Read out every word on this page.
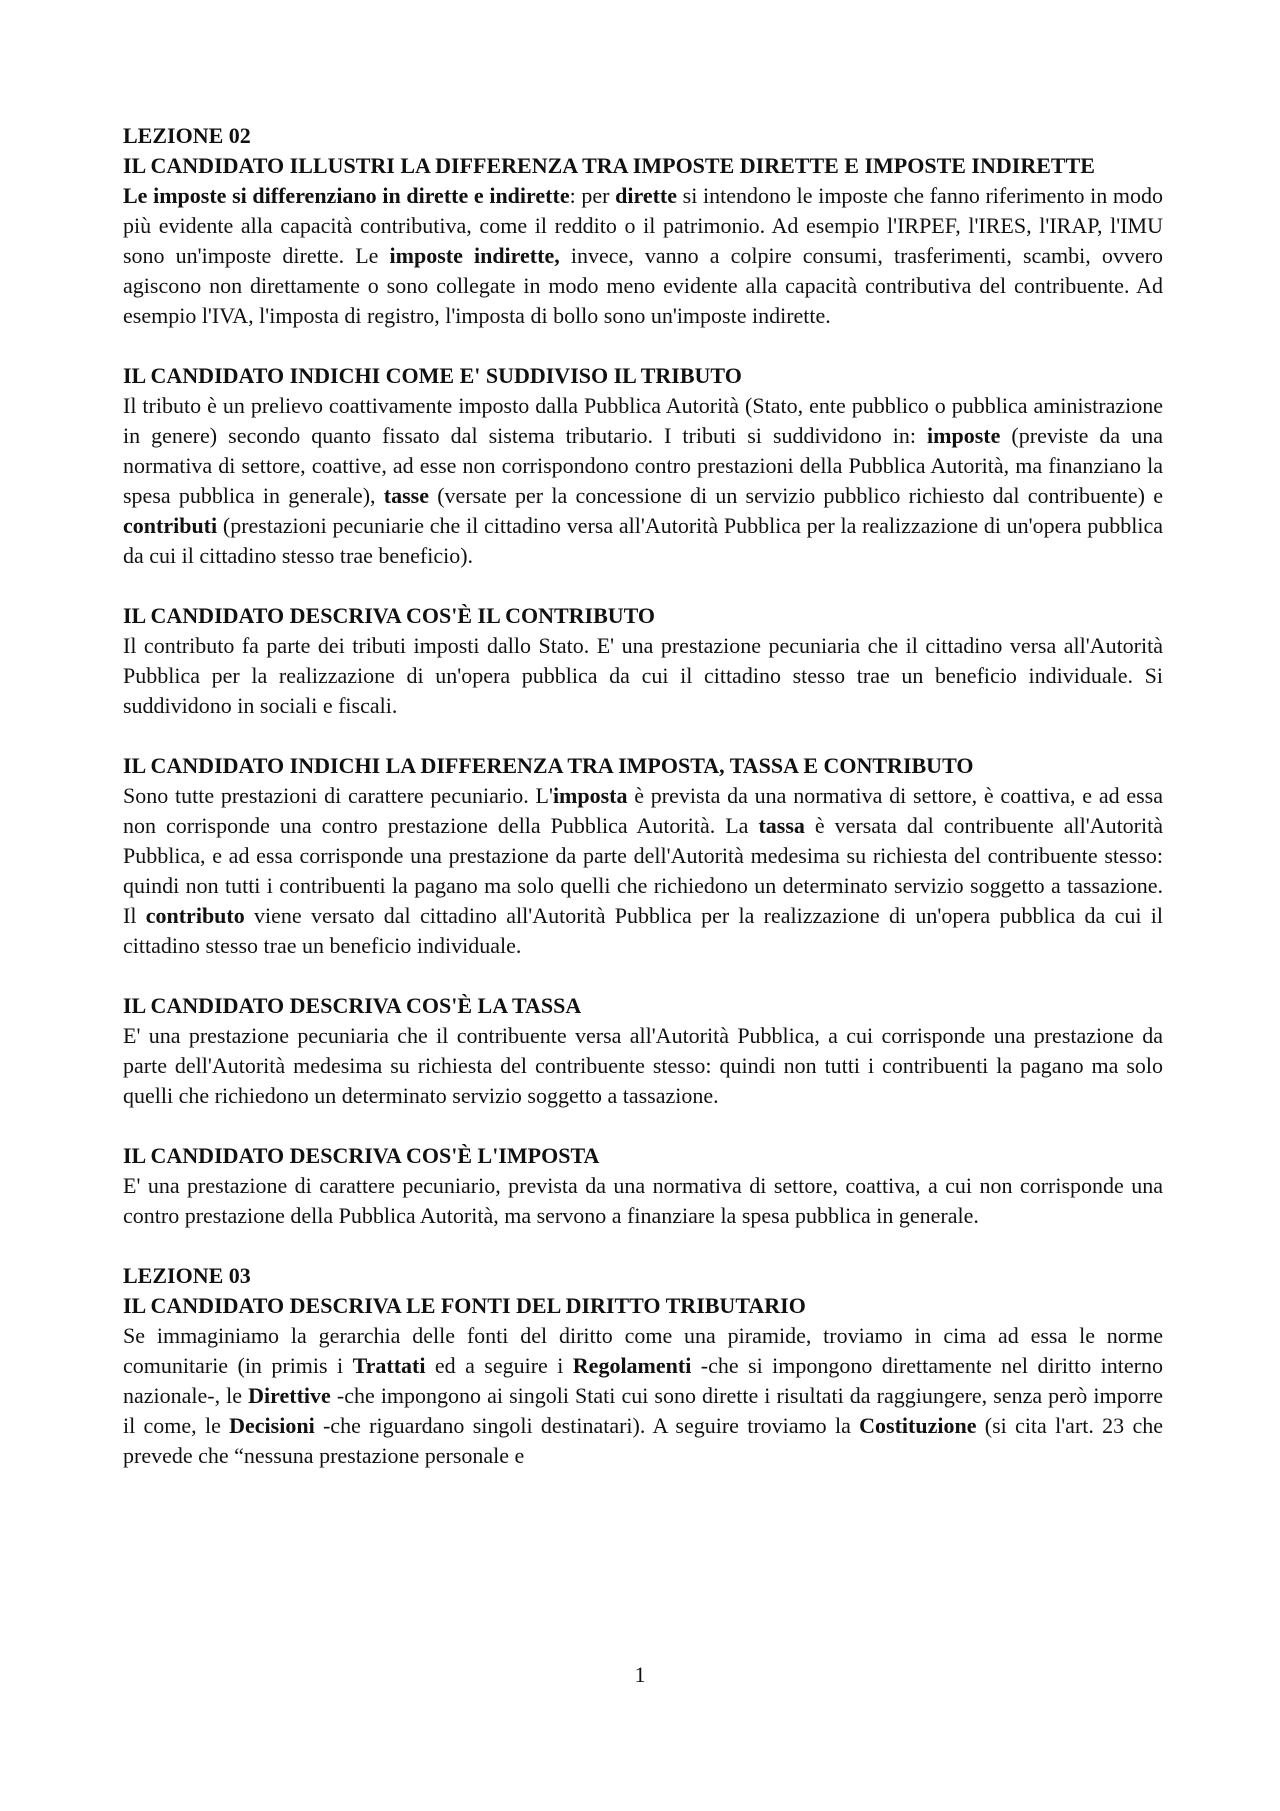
LEZIONE 02

IL CANDIDATO ILLUSTRI LA DIFFERENZA TRA IMPOSTE DIRETTE E IMPOSTE INDIRETTE

Le imposte si differenziano in dirette e indirette: per dirette si intendono le imposte che fanno riferimento in modo più evidente alla capacità contributiva, come il reddito o il patrimonio. Ad esempio l'IRPEF, l'IRES, l'IRAP, l'IMU sono un'imposte dirette. Le imposte indirette, invece, vanno a colpire consumi, trasferimenti, scambi, ovvero agiscono non direttamente o sono collegate in modo meno evidente alla capacità contributiva del contribuente. Ad esempio l'IVA, l'imposta di registro, l'imposta di bollo sono un'imposte indirette.

IL CANDIDATO INDICHI COME E' SUDDIVISO IL TRIBUTO

Il tributo è un prelievo coattivamente imposto dalla Pubblica Autorità (Stato, ente pubblico o pubblica aministrazione in genere) secondo quanto fissato dal sistema tributario. I tributi si suddividono in: imposte (previste da una normativa di settore, coattive, ad esse non corrispondono contro prestazioni della Pubblica Autorità, ma finanziano la spesa pubblica in generale), tasse (versate per la concessione di un servizio pubblico richiesto dal contribuente) e contributi (prestazioni pecuniarie che il cittadino versa all'Autorità Pubblica per la realizzazione di un'opera pubblica da cui il cittadino stesso trae beneficio).

IL CANDIDATO DESCRIVA COS'È IL CONTRIBUTO

Il contributo fa parte dei tributi imposti dallo Stato. E' una prestazione pecuniaria che il cittadino versa all'Autorità Pubblica per la realizzazione di un'opera pubblica da cui il cittadino stesso trae un beneficio individuale. Si suddividono in sociali e fiscali.

IL CANDIDATO INDICHI LA DIFFERENZA TRA IMPOSTA, TASSA E CONTRIBUTO

Sono tutte prestazioni di carattere pecuniario. L'imposta è prevista da una normativa di settore, è coattiva, e ad essa non corrisponde una contro prestazione della Pubblica Autorità. La tassa è versata dal contribuente all'Autorità Pubblica, e ad essa corrisponde una prestazione da parte dell'Autorità medesima su richiesta del contribuente stesso: quindi non tutti i contribuenti la pagano ma solo quelli che richiedono un determinato servizio soggetto a tassazione. Il contributo viene versato dal cittadino all'Autorità Pubblica per la realizzazione di un'opera pubblica da cui il cittadino stesso trae un beneficio individuale.

IL CANDIDATO DESCRIVA COS'È LA TASSA

E' una prestazione pecuniaria che il contribuente versa all'Autorità Pubblica, a cui corrisponde una prestazione da parte dell'Autorità medesima su richiesta del contribuente stesso: quindi non tutti i contribuenti la pagano ma solo quelli che richiedono un determinato servizio soggetto a tassazione.

IL CANDIDATO DESCRIVA COS'È L'IMPOSTA

E' una prestazione di carattere pecuniario, prevista da una normativa di settore, coattiva, a cui non corrisponde una contro prestazione della Pubblica Autorità, ma servono a finanziare la spesa pubblica in generale.

LEZIONE 03

IL CANDIDATO DESCRIVA LE FONTI DEL DIRITTO TRIBUTARIO

Se immaginiamo la gerarchia delle fonti del diritto come una piramide, troviamo in cima ad essa le norme comunitarie (in primis i Trattati ed a seguire i Regolamenti -che si impongono direttamente nel diritto interno nazionale-, le Direttive -che impongono ai singoli Stati cui sono dirette i risultati da raggiungere, senza però imporre il come, le Decisioni -che riguardano singoli destinatari). A seguire troviamo la Costituzione (si cita l'art. 23 che prevede che “nessuna prestazione personale e

1
